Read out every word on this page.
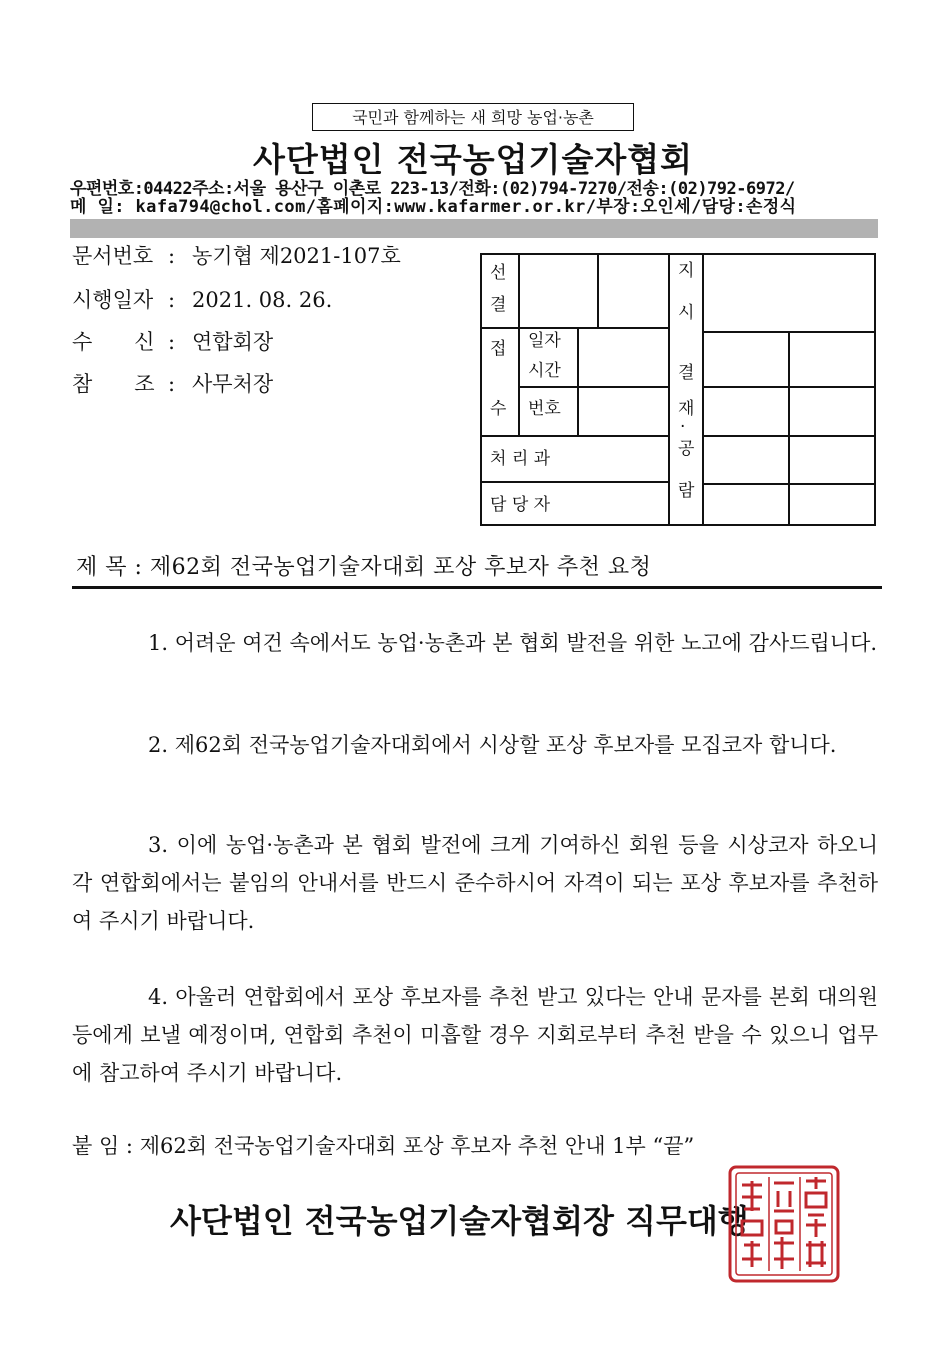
국민과 함께하는 새 희망 농업·농촌
사단법인 전국농업기술자협회
우편번호:04422주소:서울 용산구 이촌로 223-13/전화:(02)794-7270/전송:(02)792-6972/
메 일: kafa794@chol.com/홈페이지:www.kafarmer.or.kr/부장:오인세/담당:손정식
문서번호 : 농기협 제2021-107호
시행일자 : 2021. 08. 26.
수　　신 : 연합회장
참　　조 : 사무처장
선
결
지
시
접
수
일자
시간
번호
처 리 과
담 당 자
결
재
·
공
람
제 목 : 제62회 전국농업기술자대회 포상 후보자 추천 요청
1. 어려운 여건 속에서도 농업·농촌과 본 협회 발전을 위한 노고에 감사드립니다.
2. 제62회 전국농업기술자대회에서 시상할 포상 후보자를 모집코자 합니다.
3. 이에 농업·농촌과 본 협회 발전에 크게 기여하신 회원 등을 시상코자 하오니 각 연합회에서는 붙임의 안내서를 반드시 준수하시어 자격이 되는 포상 후보자를 추천하여 주시기 바랍니다.
4. 아울러 연합회에서 포상 후보자를 추천 받고 있다는 안내 문자를 본회 대의원 등에게 보낼 예정이며, 연합회 추천이 미흡할 경우 지회로부터 추천 받을 수 있으니 업무에 참고하여 주시기 바랍니다.
붙 임 : 제62회 전국농업기술자대회 포상 후보자 추천 안내 1부 “끝”
사단법인 전국농업기술자협회장 직무대행
